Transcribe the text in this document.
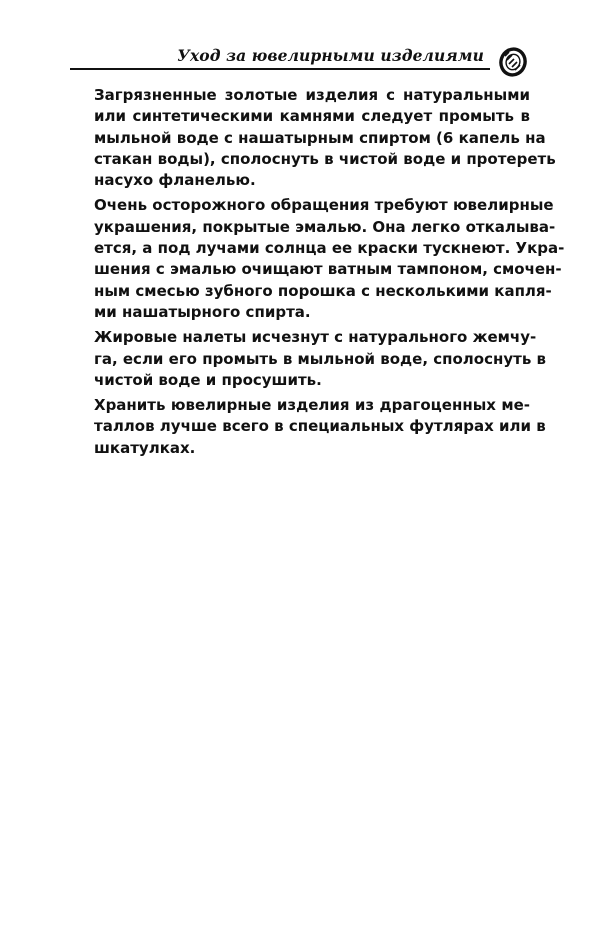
Уход за ювелирными изделиями
Загрязненные золотые изделия с натуральными
или синтетическими камнями следует промыть в
мыльной воде с нашатырным спиртом (6 капель на
стакан воды), сполоснуть в чистой воде и протереть
насухо фланелью.
Очень осторожного обращения требуют ювелирные
украшения, покрытые эмалью. Она легко откалыва-
ется, а под лучами солнца ее краски тускнеют. Укра-
шения с эмалью очищают ватным тампоном, смочен-
ным смесью зубного порошка с несколькими капля-
ми нашатырного спирта.
Жировые налеты исчезнут с натурального жемчу-
га, если его промыть в мыльной воде, сполоснуть в
чистой воде и просушить.
Хранить ювелирные изделия из драгоценных ме-
таллов лучше всего в специальных футлярах или в
шкатулках.
